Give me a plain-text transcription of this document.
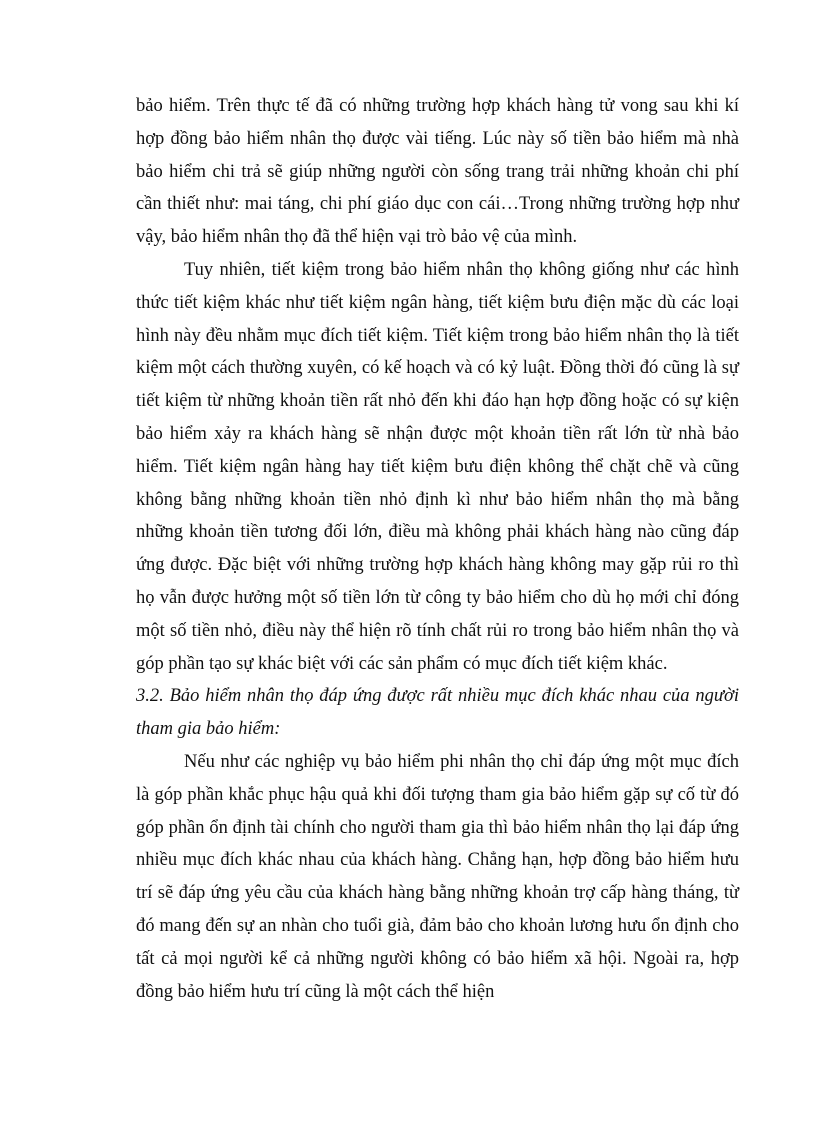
bảo hiểm. Trên thực tế đã có những trường hợp khách hàng tử vong sau khi kí hợp đồng bảo hiểm nhân thọ được vài tiếng. Lúc này số tiền bảo hiểm mà nhà bảo hiểm chi trả sẽ giúp những người còn sống trang trải những khoản chi phí cần thiết như: mai táng, chi phí giáo dục con cái…Trong những trường hợp như vậy, bảo hiểm nhân thọ đã thể hiện vại trò bảo vệ của mình.

Tuy nhiên, tiết kiệm trong bảo hiểm nhân thọ không giống như các hình thức tiết kiệm khác như tiết kiệm ngân hàng, tiết kiệm bưu điện mặc dù các loại hình này đều nhằm mục đích tiết kiệm. Tiết kiệm trong bảo hiểm nhân thọ là tiết kiệm một cách thường xuyên, có kế hoạch và có kỷ luật. Đồng thời đó cũng là sự tiết kiệm từ những khoản tiền rất nhỏ đến khi đáo hạn hợp đồng hoặc có sự kiện bảo hiểm xảy ra khách hàng sẽ nhận được một khoản tiền rất lớn từ nhà bảo hiểm. Tiết kiệm ngân hàng hay tiết kiệm bưu điện không thể chặt chẽ và cũng không bằng những khoản tiền nhỏ định kì như bảo hiểm nhân thọ mà bằng những khoản tiền tương đối lớn, điều mà không phải khách hàng nào cũng đáp ứng được. Đặc biệt với những trường hợp khách hàng không may gặp rủi ro thì họ vẫn được hưởng một số tiền lớn từ công ty bảo hiểm cho dù họ mới chỉ đóng một số tiền nhỏ, điều này thể hiện rõ tính chất rủi ro trong bảo hiểm nhân thọ và góp phần tạo sự khác biệt với các sản phẩm có mục đích tiết kiệm khác.

3.2. Bảo hiểm nhân thọ đáp ứng được rất nhiều mục đích khác nhau của người tham gia bảo hiểm:

Nếu như các nghiệp vụ bảo hiểm phi nhân thọ chỉ đáp ứng một mục đích là góp phần khắc phục hậu quả khi đối tượng tham gia bảo hiểm gặp sự cố từ đó góp phần ổn định tài chính cho người tham gia thì bảo hiểm nhân thọ lại đáp ứng nhiều mục đích khác nhau của khách hàng. Chẳng hạn, hợp đồng bảo hiểm hưu trí sẽ đáp ứng yêu cầu của khách hàng bằng những khoản trợ cấp hàng tháng, từ đó mang đến sự an nhàn cho tuổi già, đảm bảo cho khoản lương hưu ổn định cho tất cả mọi người kể cả những người không có bảo hiểm xã hội. Ngoài ra, hợp đồng bảo hiểm hưu trí cũng là một cách thể hiện
